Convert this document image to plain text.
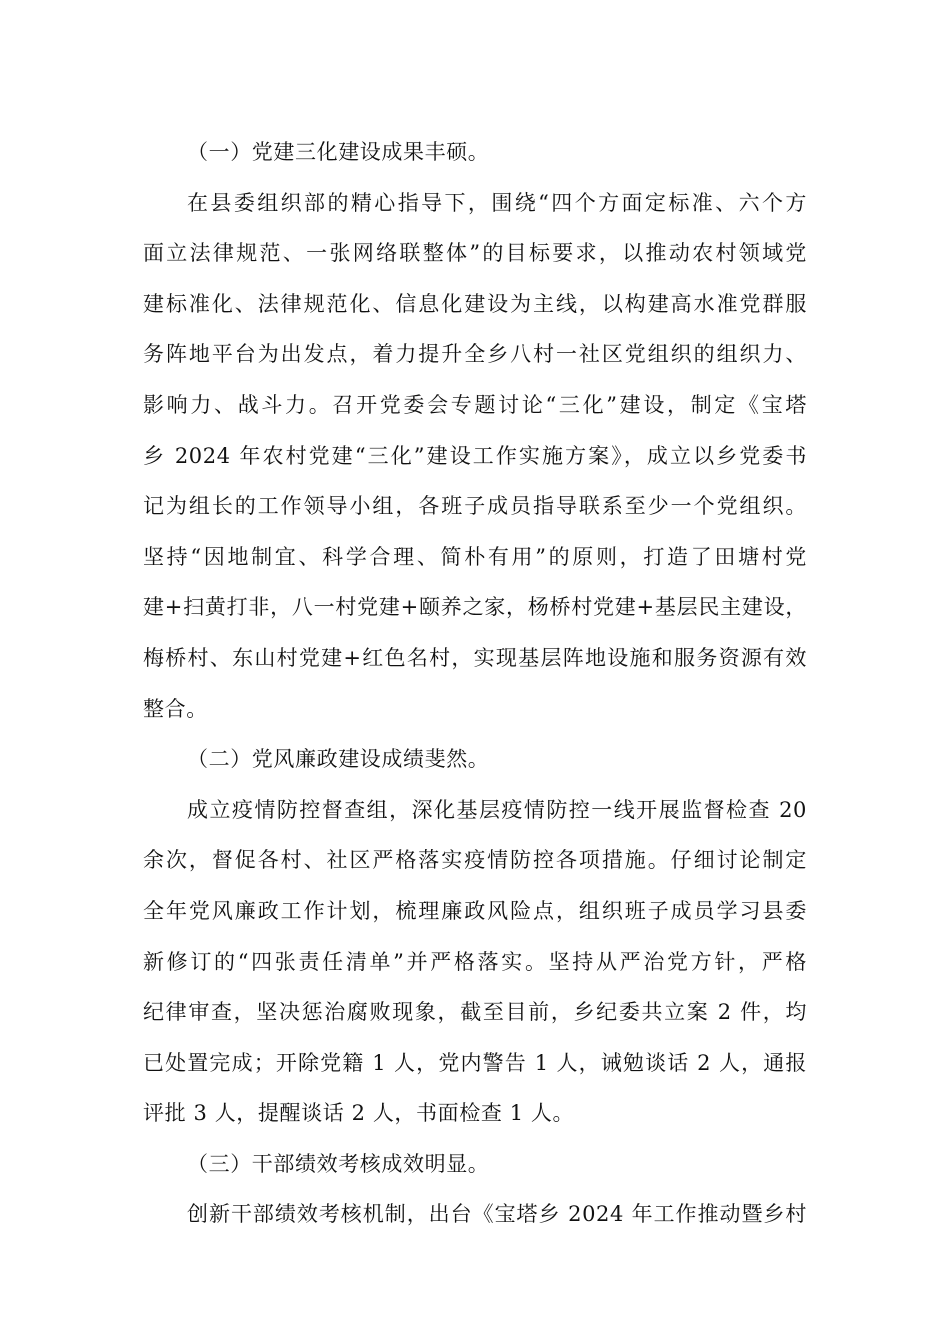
（一）党建三化建设成果丰硕。

在县委组织部的精心指导下，围绕“四个方面定标准、六个方
面立法律规范、一张网络联整体”的目标要求，以推动农村领域党
建标准化、法律规范化、信息化建设为主线，以构建高水准党群服
务阵地平台为出发点，着力提升全乡八村一社区党组织的组织力、
影响力、战斗力。召开党委会专题讨论“三化”建设，制定《宝塔
乡 2024 年农村党建“三化”建设工作实施方案》，成立以乡党委书
记为组长的工作领导小组，各班子成员指导联系至少一个党组织。
坚持“因地制宜、科学合理、简朴有用”的原则，打造了田塘村党
建+扫黄打非，八一村党建+颐养之家，杨桥村党建+基层民主建设，
梅桥村、东山村党建+红色名村，实现基层阵地设施和服务资源有效
整合。

（二）党风廉政建设成绩斐然。

成立疫情防控督查组，深化基层疫情防控一线开展监督检查 20
余次，督促各村、社区严格落实疫情防控各项措施。仔细讨论制定
全年党风廉政工作计划，梳理廉政风险点，组织班子成员学习县委
新修订的“四张责任清单”并严格落实。坚持从严治党方针，严格
纪律审查，坚决惩治腐败现象，截至目前，乡纪委共立案 2 件，均
已处置完成；开除党籍 1 人，党内警告 1 人，诫勉谈话 2 人，通报
评批 3 人，提醒谈话 2 人，书面检查 1 人。

（三）干部绩效考核成效明显。

创新干部绩效考核机制，出台《宝塔乡 2024 年工作推动暨乡村
